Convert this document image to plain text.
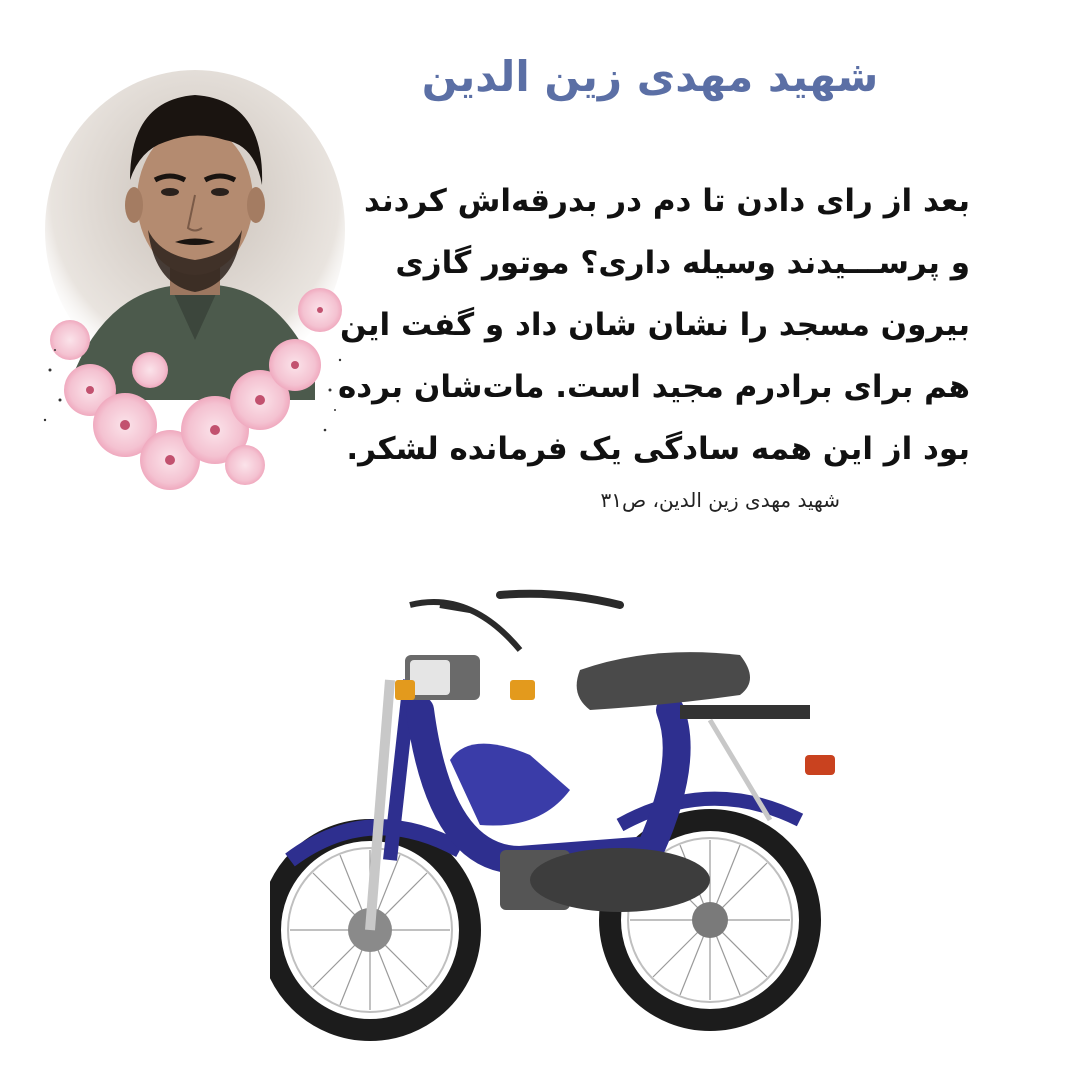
شهید مهدی زین الدین
بعد از رای دادن تا دم در بدرقه‌اش کردند
و پرســـیدند وسیله داری؟ موتور گازی
بیرون مسجد را نشان شان داد و گفت این
هم برای برادرم مجید است. مات‌شان برده
بود از این همه سادگی یک فرمانده لشکر.
شهید مهدی زین الدین، ص۳۱
